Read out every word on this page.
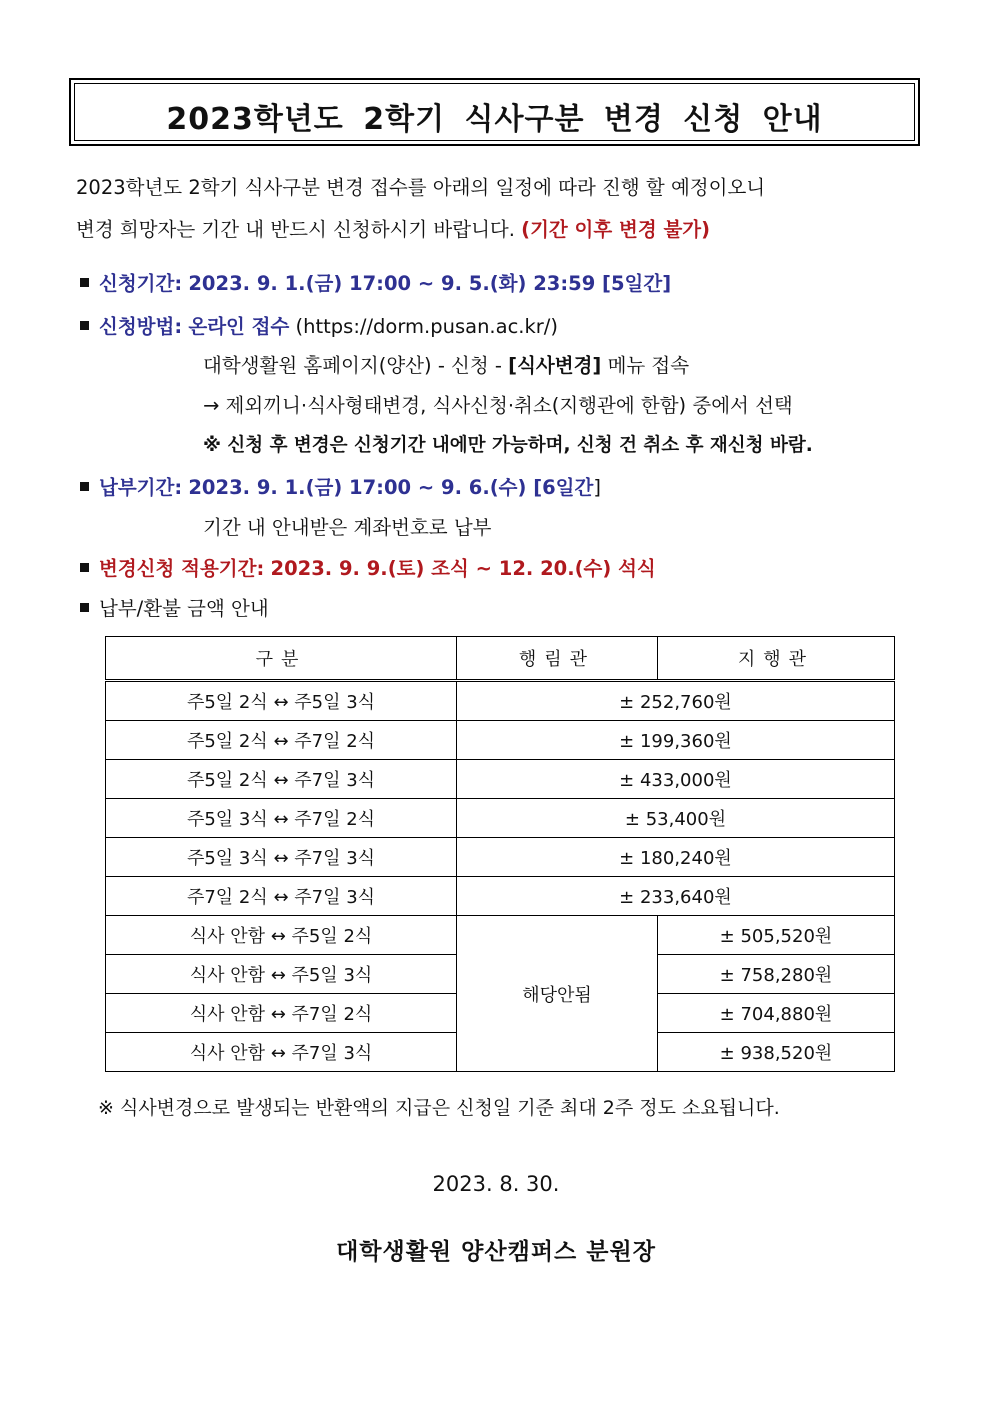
2023학년도 2학기 식사구분 변경 신청 안내
2023학년도 2학기 식사구분 변경 접수를 아래의 일정에 따라 진행 할 예정이오니
변경 희망자는 기간 내 반드시 신청하시기 바랍니다. (기간 이후 변경 불가)
신청기간: 2023. 9. 1.(금) 17:00 ~ 9. 5.(화) 23:59 [5일간]
신청방법: 온라인 접수 (https://dorm.pusan.ac.kr/)
대학생활원 홈페이지(양산) - 신청 - [식사변경] 메뉴 접속
→ 제외끼니·식사형태변경, 식사신청·취소(지행관에 한함) 중에서 선택
※ 신청 후 변경은 신청기간 내에만 가능하며, 신청 건 취소 후 재신청 바람.
납부기간: 2023. 9. 1.(금) 17:00 ~ 9. 6.(수) [6일간]
기간 내 안내받은 계좌번호로 납부
변경신청 적용기간: 2023. 9. 9.(토) 조식 ~ 12. 20.(수) 석식
납부/환불 금액 안내
구분	행림관	지행관
주5일 2식 ↔ 주5일 3식	± 252,760원	
주5일 2식 ↔ 주7일 2식	± 199,360원	
주5일 2식 ↔ 주7일 3식	± 433,000원	
주5일 3식 ↔ 주7일 2식	± 53,400원	
주5일 3식 ↔ 주7일 3식	± 180,240원	
주7일 2식 ↔ 주7일 3식	± 233,640원	
식사 안함 ↔ 주5일 2식	해당안됨	± 505,520원
식사 안함 ↔ 주5일 3식		± 758,280원
식사 안함 ↔ 주7일 2식		± 704,880원
식사 안함 ↔ 주7일 3식		± 938,520원
※ 식사변경으로 발생되는 반환액의 지급은 신청일 기준 최대 2주 정도 소요됩니다.
2023. 8. 30.
대학생활원 양산캠퍼스 분원장
